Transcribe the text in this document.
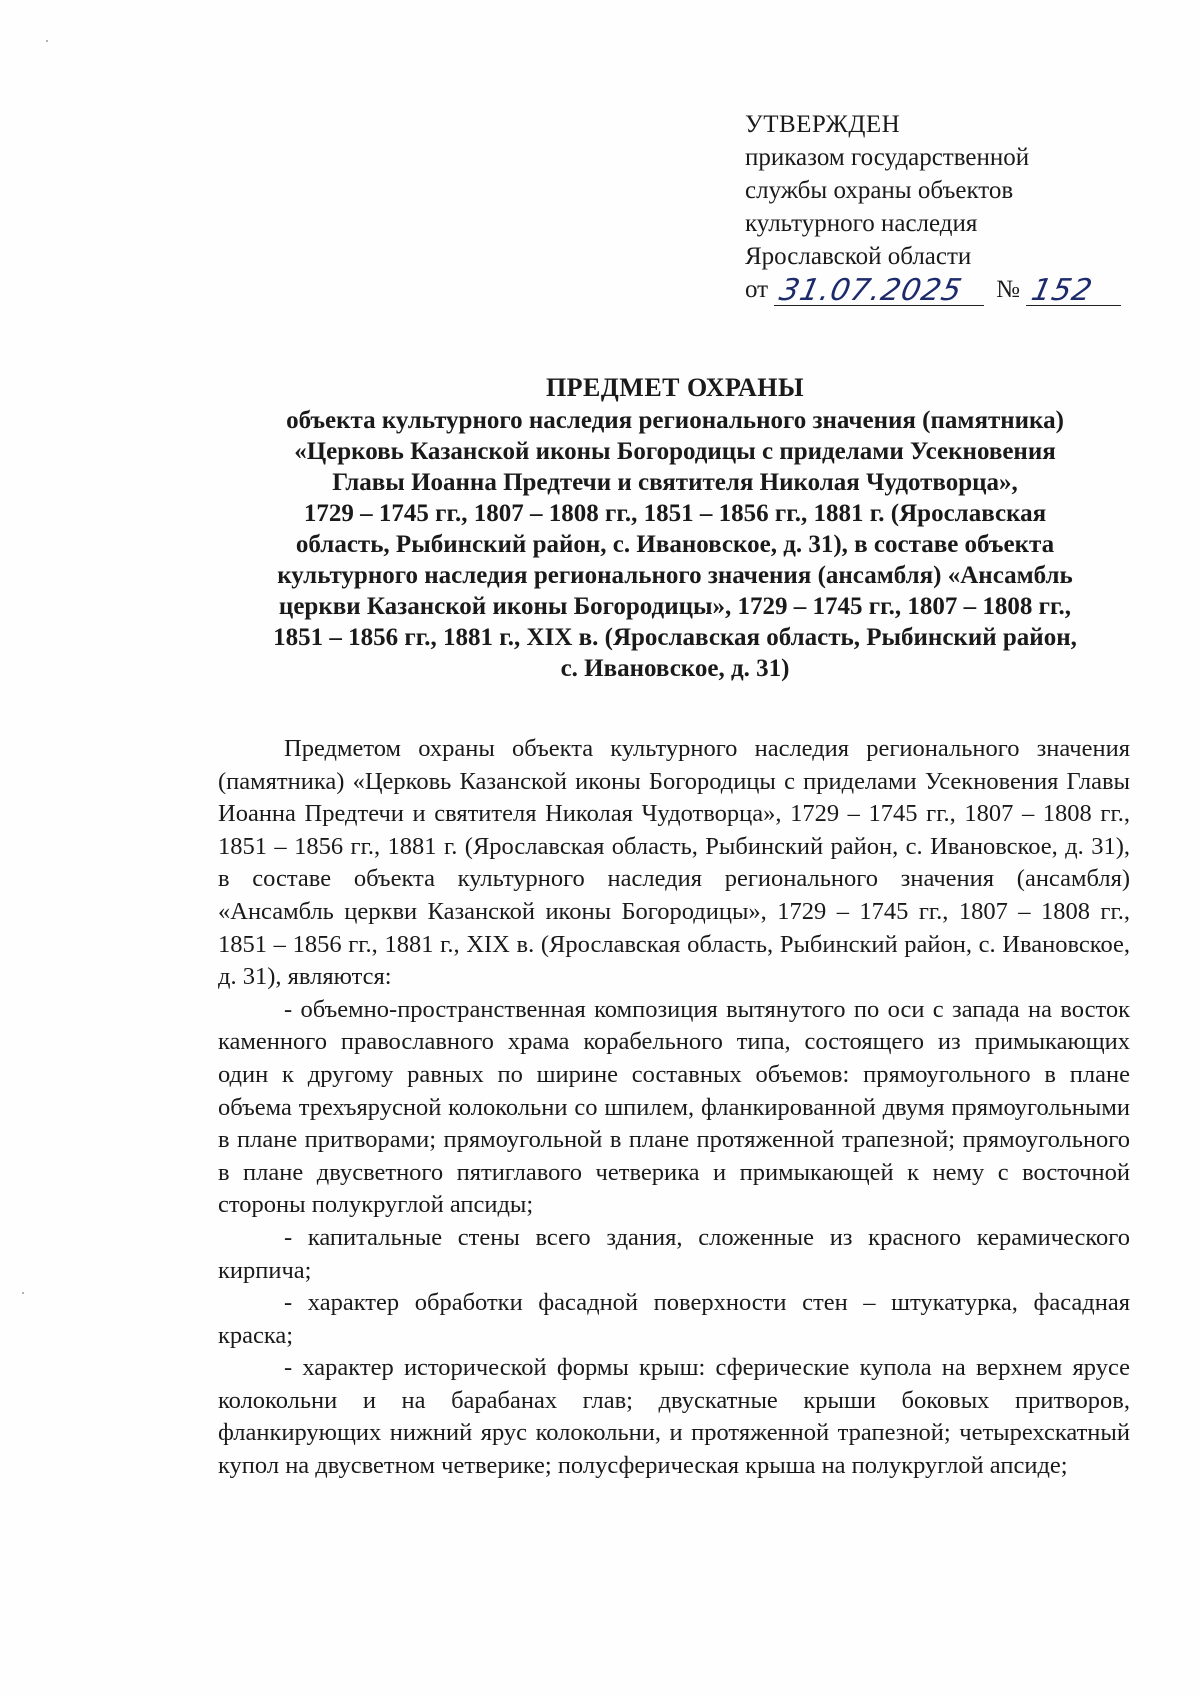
УТВЕРЖДЕН
приказом государственной
службы охраны объектов
культурного наследия
Ярославской области
от 31.07.2025 № 152
ПРЕДМЕТ ОХРАНЫ
объекта культурного наследия регионального значения (памятника)
«Церковь Казанской иконы Богородицы с приделами Усекновения
Главы Иоанна Предтечи и святителя Николая Чудотворца»,
1729 – 1745 гг., 1807 – 1808 гг., 1851 – 1856 гг., 1881 г. (Ярославская
область, Рыбинский район, с. Ивановское, д. 31), в составе объекта
культурного наследия регионального значения (ансамбля) «Ансамбль
церкви Казанской иконы Богородицы», 1729 – 1745 гг., 1807 – 1808 гг.,
1851 – 1856 гг., 1881 г., XIX в. (Ярославская область, Рыбинский район,
с. Ивановское, д. 31)

Предметом охраны объекта культурного наследия регионального значения (памятника) «Церковь Казанской иконы Богородицы с приделами Усекновения Главы Иоанна Предтечи и святителя Николая Чудотворца», 1729 – 1745 гг., 1807 – 1808 гг., 1851 – 1856 гг., 1881 г. (Ярославская область, Рыбинский район, с. Ивановское, д. 31), в составе объекта культурного наследия регионального значения (ансамбля) «Ансамбль церкви Казанской иконы Богородицы», 1729 – 1745 гг., 1807 – 1808 гг., 1851 – 1856 гг., 1881 г., XIX в. (Ярославская область, Рыбинский район, с. Ивановское, д. 31), являются:

- объемно-пространственная композиция вытянутого по оси с запада на восток каменного православного храма корабельного типа, состоящего из примыкающих один к другому равных по ширине составных объемов: прямоугольного в плане объема трехъярусной колокольни со шпилем, фланкированной двумя прямоугольными в плане притворами; прямоугольной в плане протяженной трапезной; прямоугольного в плане двусветного пятиглавого четверика и примыкающей к нему с восточной стороны полукруглой апсиды;

- капитальные стены всего здания, сложенные из красного керамического кирпича;

- характер обработки фасадной поверхности стен – штукатурка, фасадная краска;

- характер исторической формы крыш: сферические купола на верхнем ярусе колокольни и на барабанах глав; двускатные крыши боковых притворов, фланкирующих нижний ярус колокольни, и протяженной трапезной; четырехскатный купол на двусветном четверике; полусферическая крыша на полукруглой апсиде;
